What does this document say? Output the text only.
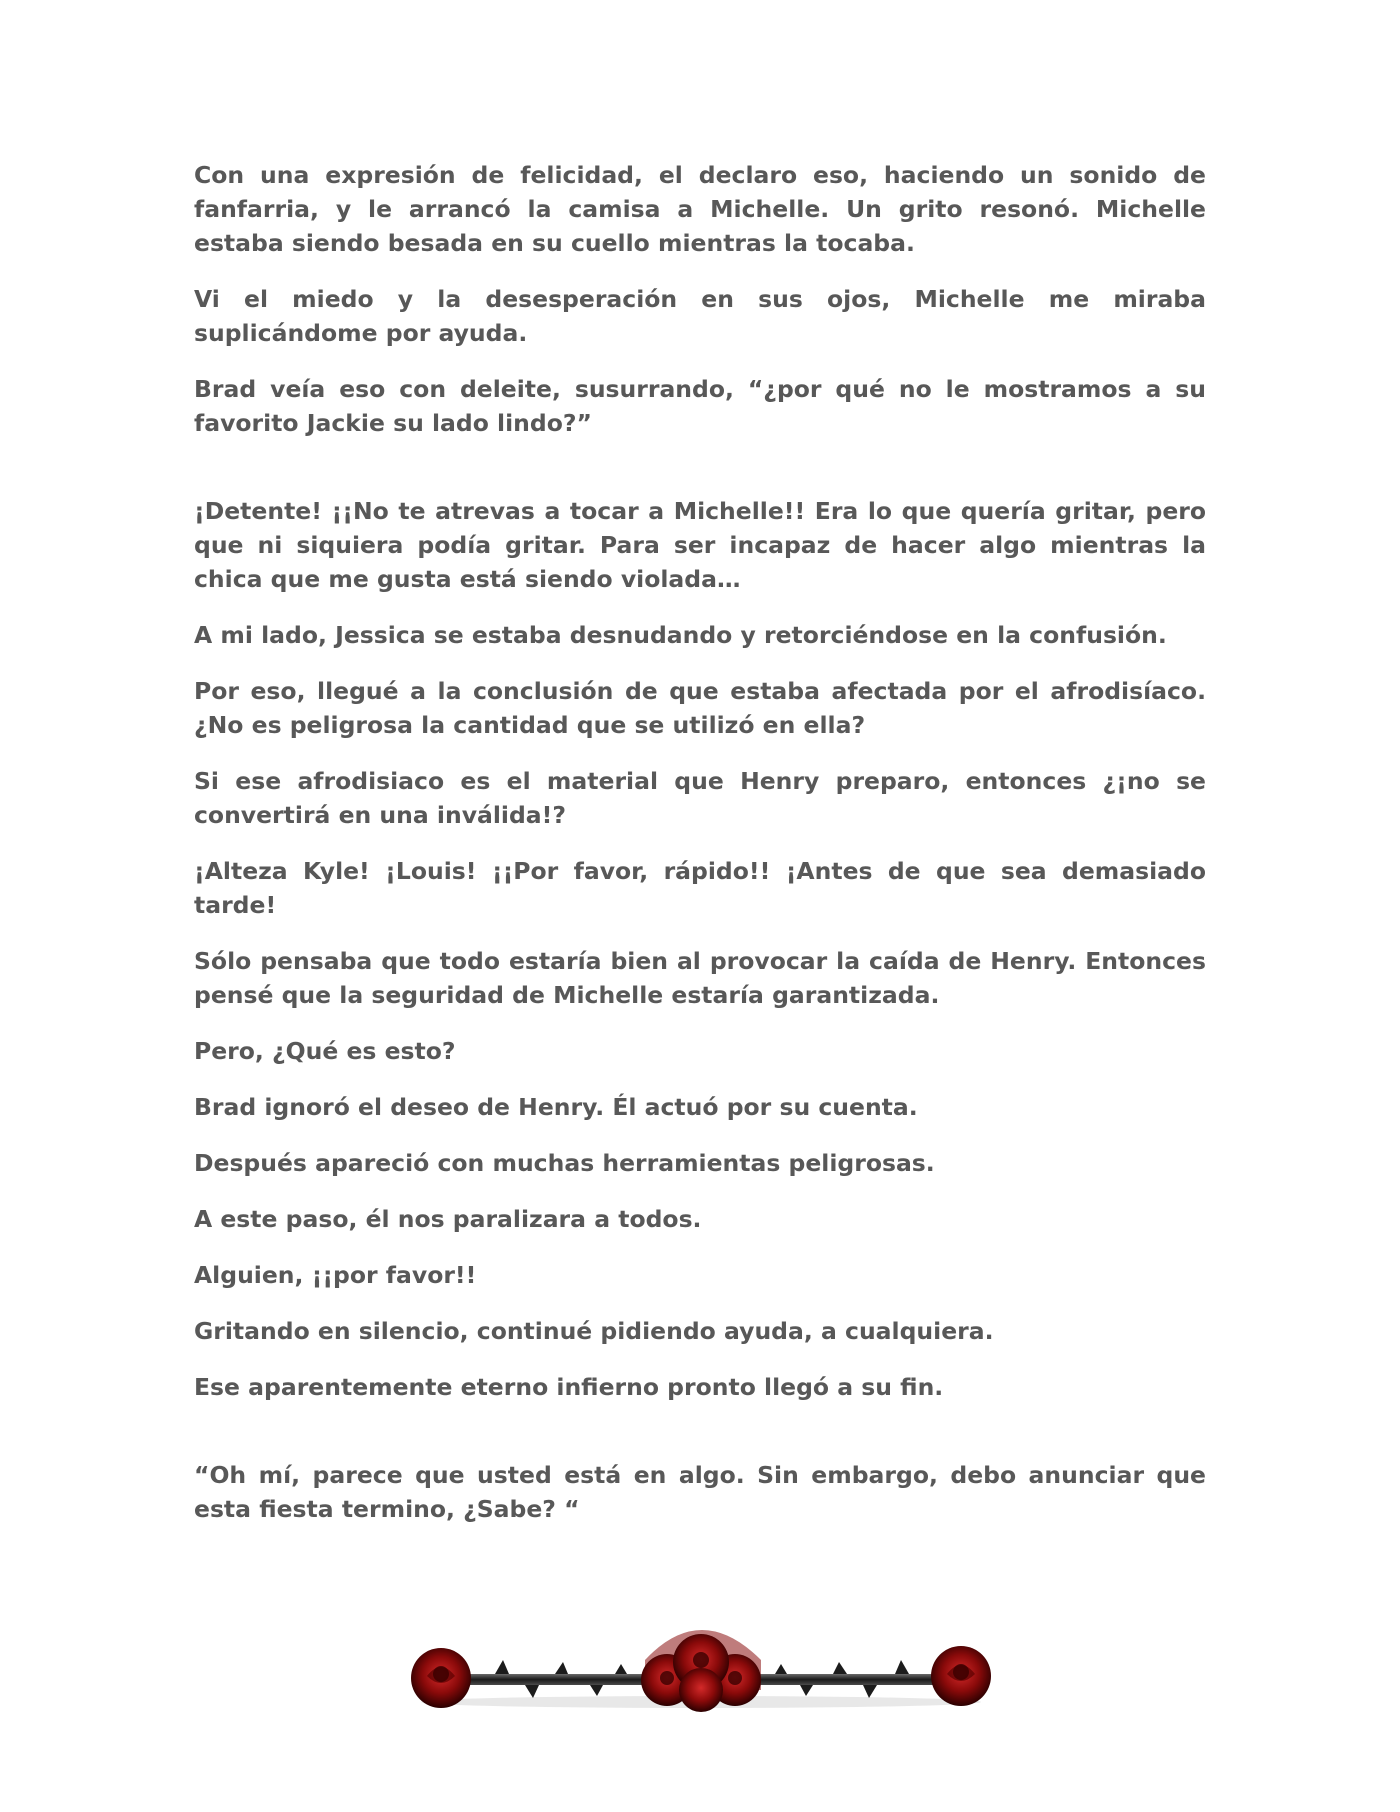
Con una expresión de felicidad, el declaro eso, haciendo un sonido de fanfarria, y le arrancó la camisa a Michelle. Un grito resonó. Michelle estaba siendo besada en su cuello mientras la tocaba.

Vi el miedo y la desesperación en sus ojos, Michelle me miraba suplicándome por ayuda.

Brad veía eso con deleite, susurrando, “¿por qué no le mostramos a su favorito Jackie su lado lindo?”

¡Detente! ¡¡No te atrevas a tocar a Michelle!! Era lo que quería gritar, pero que ni siquiera podía gritar. Para ser incapaz de hacer algo mientras la chica que me gusta está siendo violada…

A mi lado, Jessica se estaba desnudando y retorciéndose en la confusión.

Por eso, llegué a la conclusión de que estaba afectada por el afrodisíaco. ¿No es peligrosa la cantidad que se utilizó en ella?

Si ese afrodisiaco es el material que Henry preparo, entonces ¿¡no se convertirá en una inválida!?

¡Alteza Kyle! ¡Louis! ¡¡Por favor, rápido!! ¡Antes de que sea demasiado tarde!

Sólo pensaba que todo estaría bien al provocar la caída de Henry. Entonces pensé que la seguridad de Michelle estaría garantizada.

Pero, ¿Qué es esto?

Brad ignoró el deseo de Henry. Él actuó por su cuenta.

Después apareció con muchas herramientas peligrosas.

A este paso, él nos paralizara a todos.

Alguien, ¡¡por favor!!

Gritando en silencio, continué pidiendo ayuda, a cualquiera.

Ese aparentemente eterno infierno pronto llegó a su fin.

“Oh mí, parece que usted está en algo. Sin embargo, debo anunciar que esta fiesta termino, ¿Sabe? “
